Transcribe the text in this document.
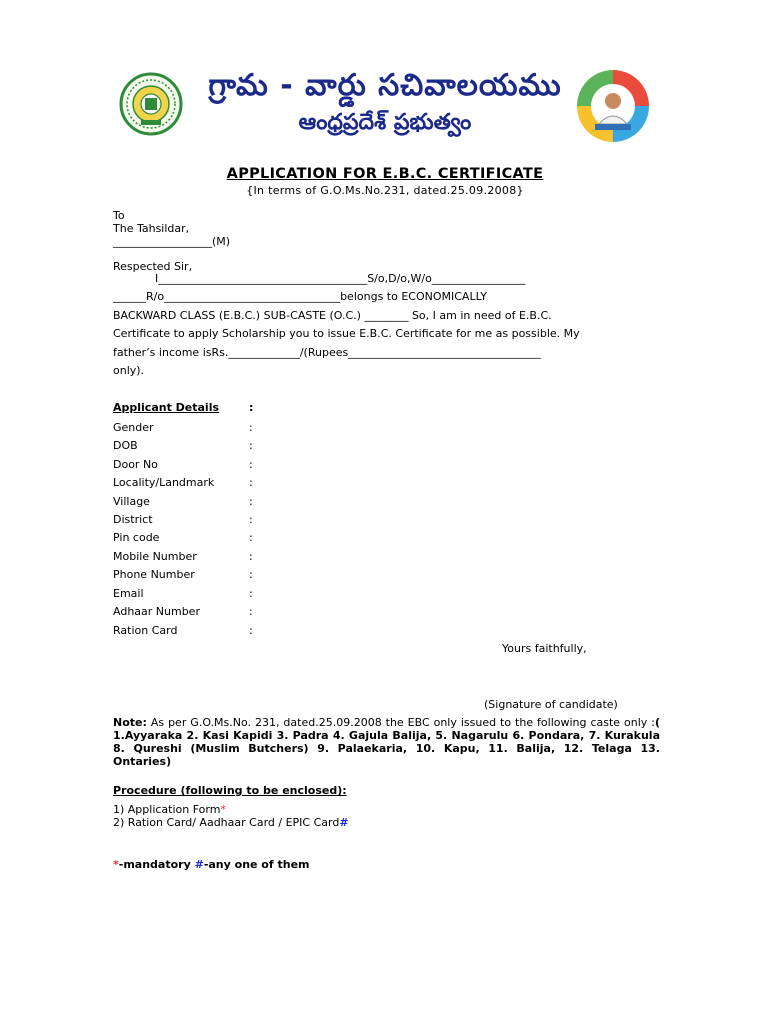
గ్రామ - వార్డు సచివాలయము
ఆంధ్రప్రదేశ్ ప్రభుత్వం
APPLICATION FOR E.B.C. CERTIFICATE
{In terms of G.O.Ms.No.231, dated.25.09.2008}
To
The Tahsildar,
__________________(M)
Respected Sir,
I______________________________________S/o,D/o,W/o_________________
______R/o________________________________belongs to ECONOMICALLY
BACKWARD CLASS (E.B.C.) SUB-CASTE (O.C.) ________ So, I am in need of E.B.C.
Certificate to apply Scholarship you to issue E.B.C. Certificate for me as possible. My
father’s income isRs._____________/(Rupees___________________________________
only).
Applicant Details	:
Gender	:
DOB	:
Door No	:
Locality/Landmark	:
Village	:
District	:
Pin code	:
Mobile Number	:
Phone Number	:
Email	:
Adhaar Number	:
Ration Card	:
Yours faithfully,
(Signature of candidate)
Note: As per G.O.Ms.No. 231, dated.25.09.2008 the EBC only issued to the following caste only :( 1.Ayyaraka 2. Kasi Kapidi 3. Padra 4. Gajula Balija, 5. Nagarulu 6. Pondara, 7. Kurakula 8. Qureshi (Muslim Butchers) 9. Palaekaria, 10. Kapu, 11. Balija, 12. Telaga 13. Ontaries)
Procedure (following to be enclosed):
1) Application Form*
2) Ration Card/ Aadhaar Card / EPIC Card#
*-mandatory #-any one of them
